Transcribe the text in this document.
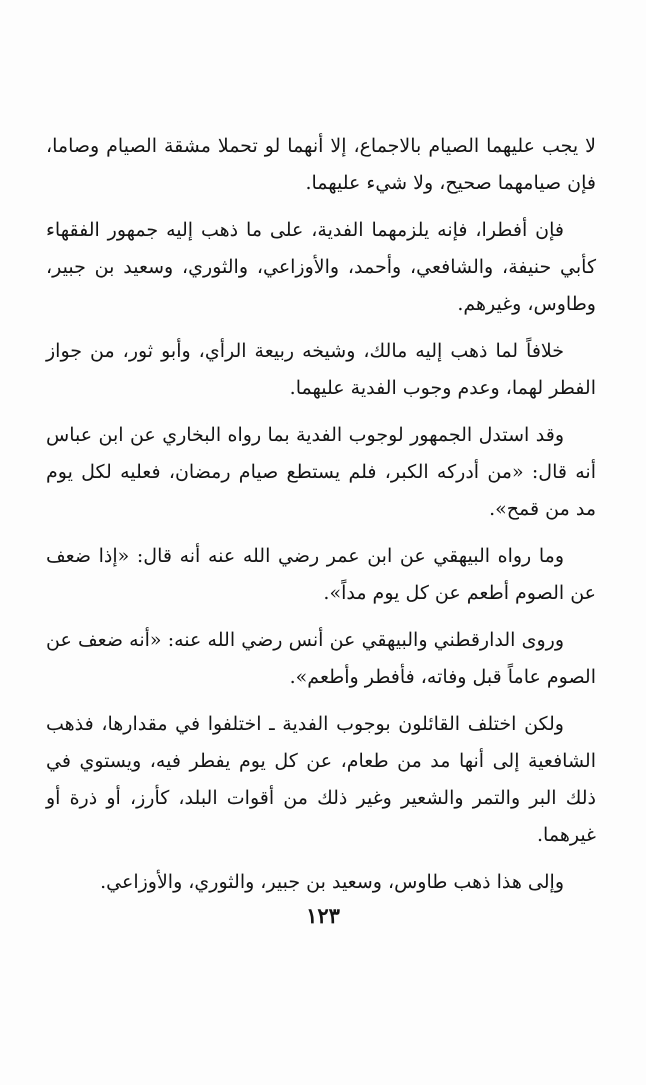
لا يجب عليهما الصيام بالاجماع، إلا أنهما لو تحملا مشقة الصيام وصاما، فإن صيامهما صحيح، ولا شيء عليهما.

فإن أفطرا، فإنه يلزمهما الفدية، على ما ذهب إليه جمهور الفقهاء كأبي حنيفة، والشافعي، وأحمد، والأوزاعي، والثوري، وسعيد بن جبير، وطاوس، وغيرهم.

خلافاً لما ذهب إليه مالك، وشيخه ربيعة الرأي، وأبو ثور، من جواز الفطر لهما، وعدم وجوب الفدية عليهما.

وقد استدل الجمهور لوجوب الفدية بما رواه البخاري عن ابن عباس أنه قال: «من أدركه الكبر، فلم يستطع صيام رمضان، فعليه لكل يوم مد من قمح».

وما رواه البيهقي عن ابن عمر رضي الله عنه أنه قال: «إذا ضعف عن الصوم أطعم عن كل يوم مداً».

وروى الدارقطني والبيهقي عن أنس رضي الله عنه: «أنه ضعف عن الصوم عاماً قبل وفاته، فأفطر وأطعم».

ولكن اختلف القائلون بوجوب الفدية ـ اختلفوا في مقدارها، فذهب الشافعية إلى أنها مد من طعام، عن كل يوم يفطر فيه، ويستوي في ذلك البر والتمر والشعير وغير ذلك من أقوات البلد، كأرز، أو ذرة أو غيرهما.

وإلى هذا ذهب طاوس، وسعيد بن جبير، والثوري، والأوزاعي.

١٢٣
